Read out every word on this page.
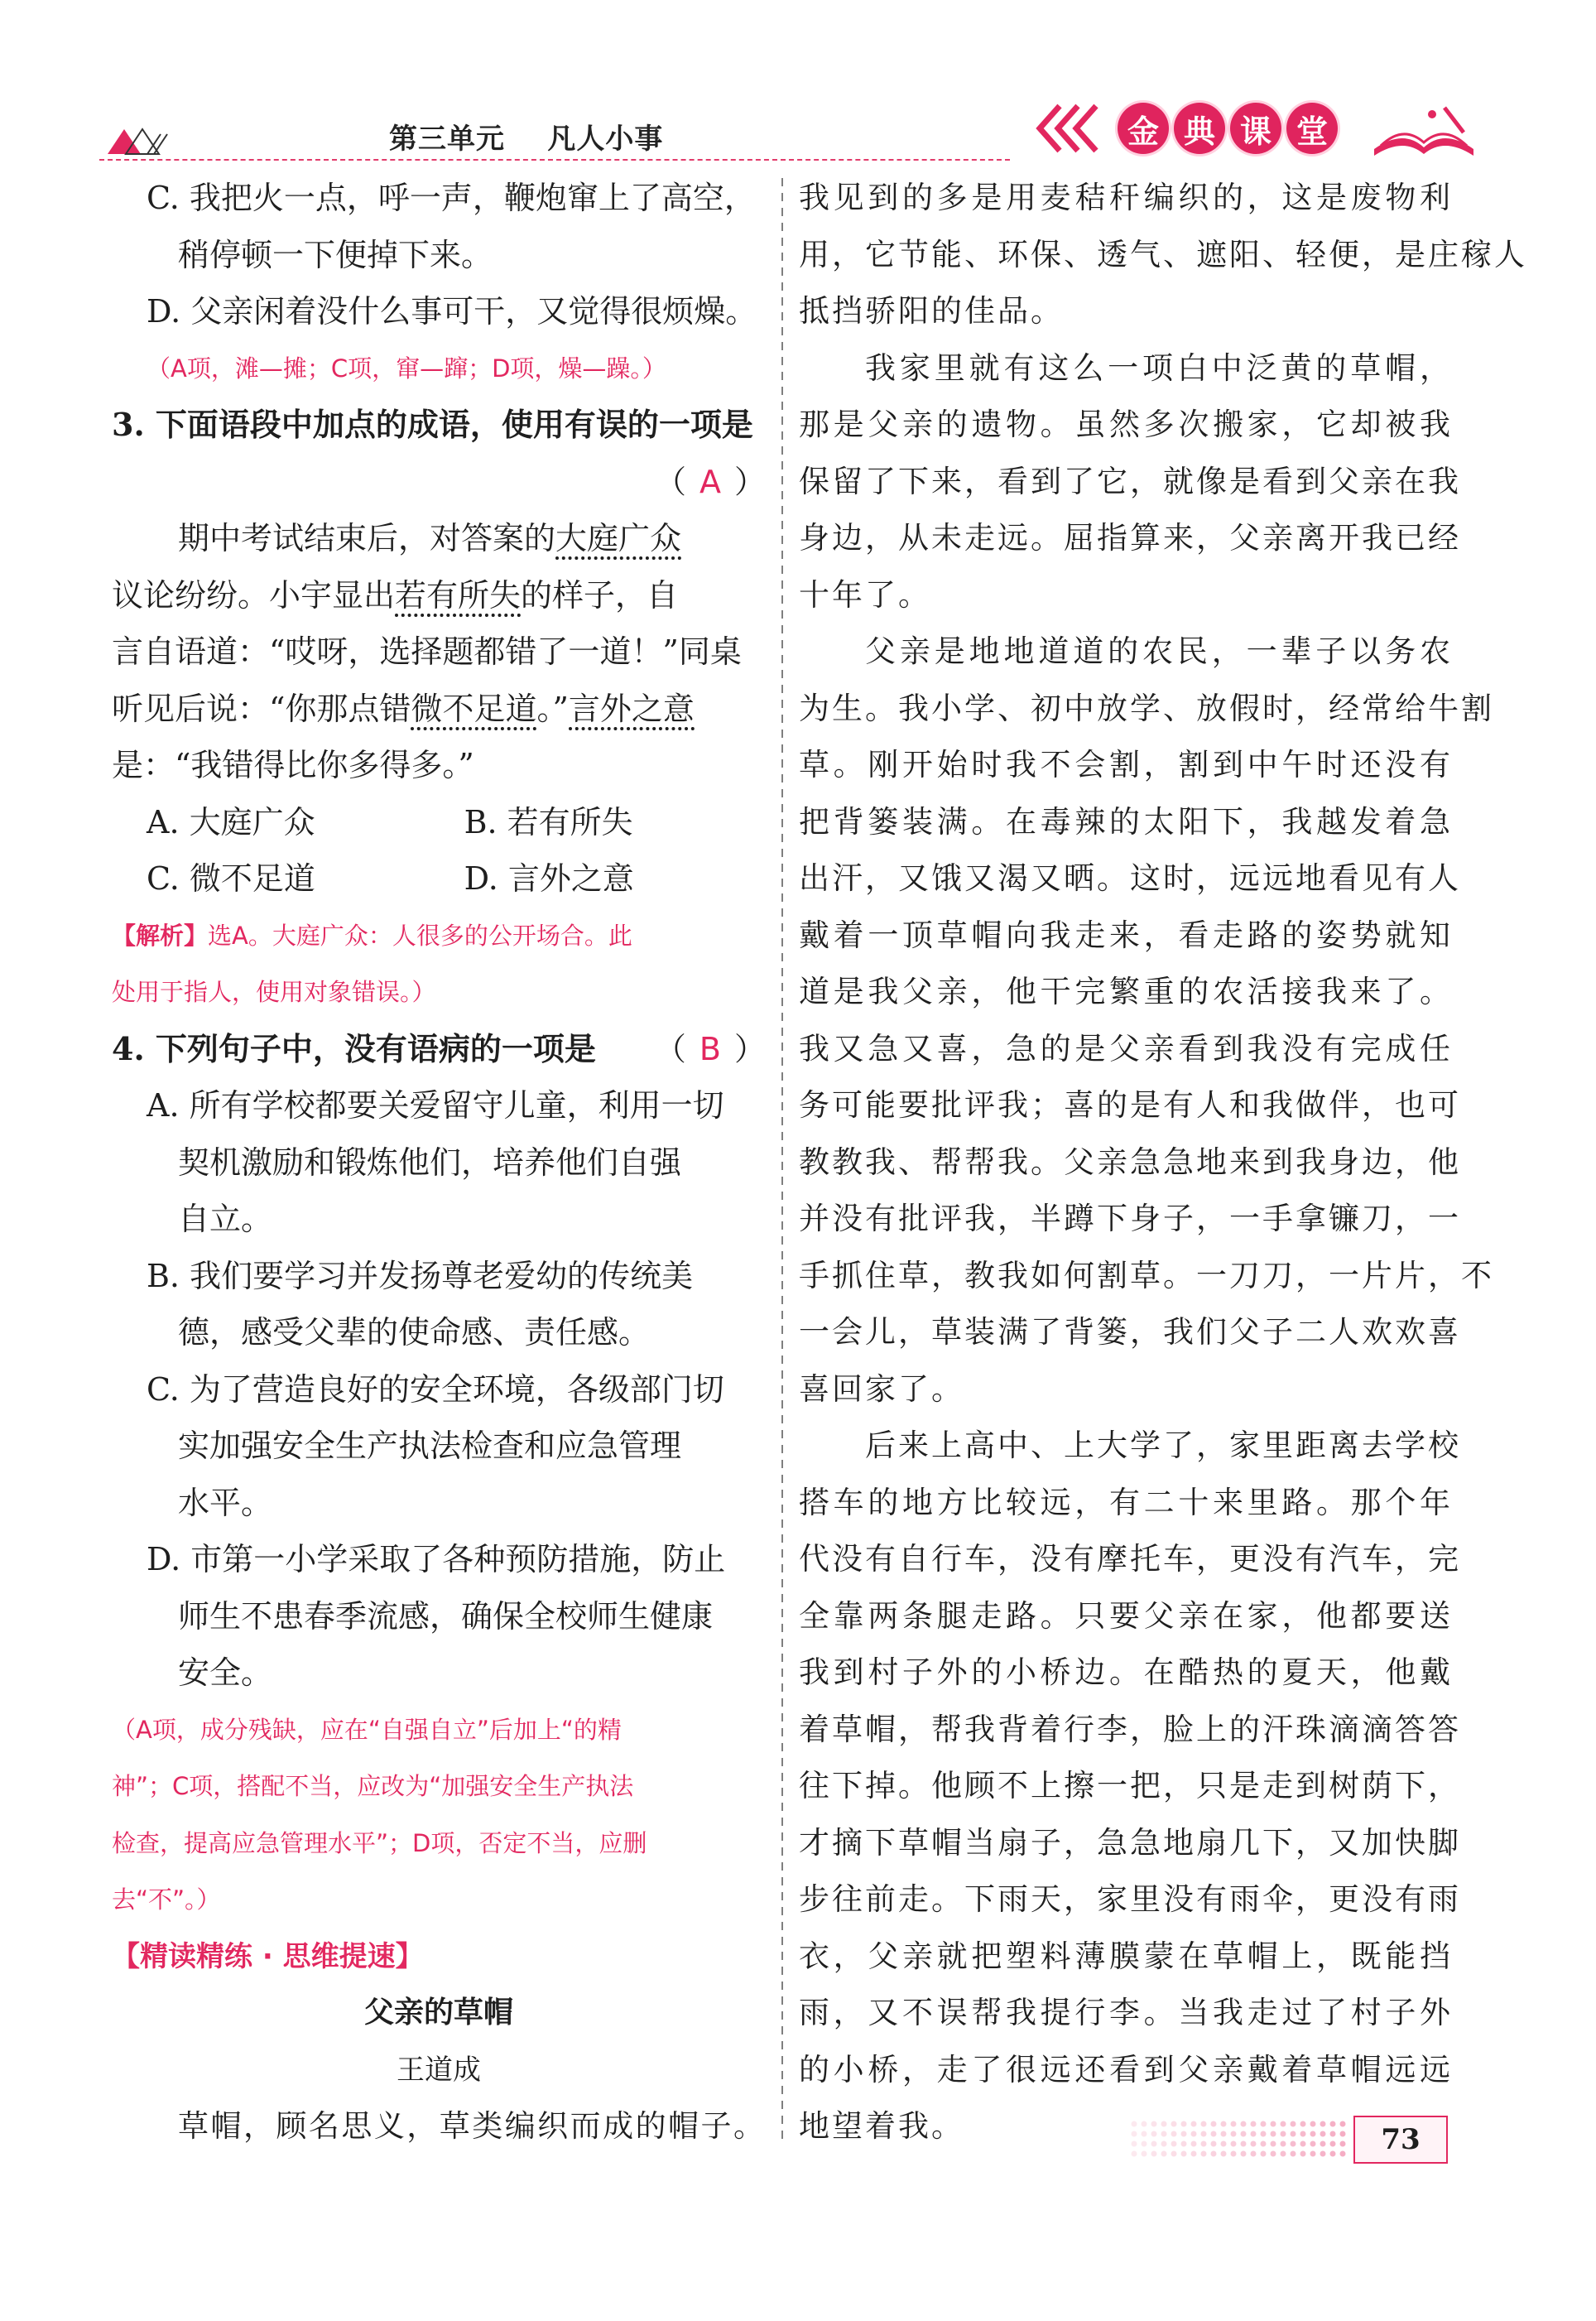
第三单元    凡人小事	金 典 课 堂
C. 我把火一点，呼一声，鞭炮窜上了高空，
稍停顿一下便掉下来。
D. 父亲闲着没什么事可干，又觉得很烦燥。
（A项，滩—摊；C项，窜—蹿；D项，燥—躁。）
3. 下面语段中加点的成语，使用有误的一项是
（ A ）
期中考试结束后，对答案的大庭广众
议论纷纷。小宇显出若有所失的样子，自
言自语道：“哎呀，选择题都错了一道！”同桌
听见后说：“你那点错微不足道。”言外之意
是：“我错得比你多得多。”
A. 大庭广众	B. 若有所失
C. 微不足道	D. 言外之意
【解析】选A。大庭广众：人很多的公开场合。此
处用于指人，使用对象错误。）
4. 下列句子中，没有语病的一项是 （ B ）
A. 所有学校都要关爱留守儿童，利用一切
契机激励和锻炼他们，培养他们自强
自立。
B. 我们要学习并发扬尊老爱幼的传统美
德，感受父辈的使命感、责任感。
C. 为了营造良好的安全环境，各级部门切
实加强安全生产执法检查和应急管理
水平。
D. 市第一小学采取了各种预防措施，防止
师生不患春季流感，确保全校师生健康
安全。
（A项，成分残缺，应在“自强自立”后加上“的精
神”；C项，搭配不当，应改为“加强安全生产执法
检查，提高应急管理水平”；D项，否定不当，应删
去“不”。）
【精读精练 · 思维提速】
父亲的草帽
王道成
草帽，顾名思义，草类编织而成的帽子。
我见到的多是用麦秸秆编织的，这是废物利
用，它节能、环保、透气、遮阳、轻便，是庄稼人
抵挡骄阳的佳品。
我家里就有这么一项白中泛黄的草帽，
那是父亲的遗物。虽然多次搬家，它却被我
保留了下来，看到了它，就像是看到父亲在我
身边，从未走远。屈指算来，父亲离开我已经
十年了。
父亲是地地道道的农民，一辈子以务农
为生。我小学、初中放学、放假时，经常给牛割
草。刚开始时我不会割，割到中午时还没有
把背篓装满。在毒辣的太阳下，我越发着急
出汗，又饿又渴又晒。这时，远远地看见有人
戴着一顶草帽向我走来，看走路的姿势就知
道是我父亲，他干完繁重的农活接我来了。
我又急又喜，急的是父亲看到我没有完成任
务可能要批评我；喜的是有人和我做伴，也可
教教我、帮帮我。父亲急急地来到我身边，他
并没有批评我，半蹲下身子，一手拿镰刀，一
手抓住草，教我如何割草。一刀刀，一片片，不
一会儿，草装满了背篓，我们父子二人欢欢喜
喜回家了。
后来上高中、上大学了，家里距离去学校
搭车的地方比较远，有二十来里路。那个年
代没有自行车，没有摩托车，更没有汽车，完
全靠两条腿走路。只要父亲在家，他都要送
我到村子外的小桥边。在酷热的夏天，他戴
着草帽，帮我背着行李，脸上的汗珠滴滴答答
往下掉。他顾不上擦一把，只是走到树荫下，
才摘下草帽当扇子，急急地扇几下，又加快脚
步往前走。下雨天，家里没有雨伞，更没有雨
衣，父亲就把塑料薄膜蒙在草帽上，既能挡
雨，又不误帮我提行李。当我走过了村子外
的小桥，走了很远还看到父亲戴着草帽远远
地望着我。	73
